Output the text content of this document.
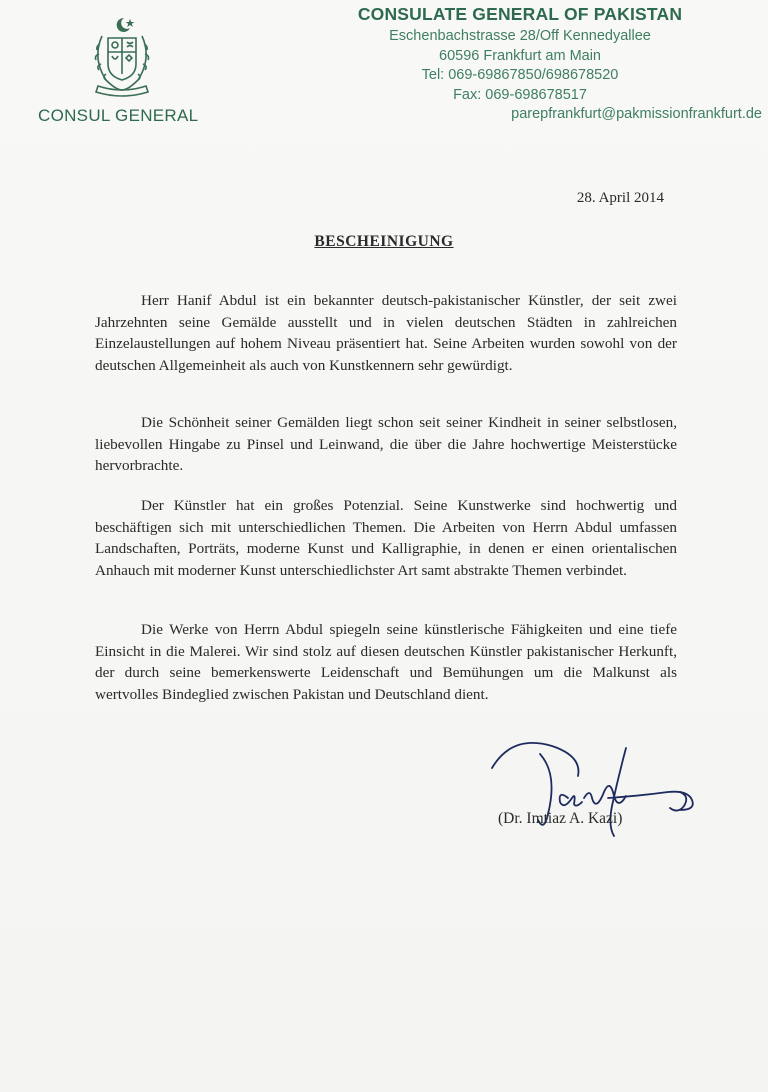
CONSUL GENERAL
CONSULATE GENERAL OF PAKISTAN
Eschenbachstrasse 28/Off Kennedyallee
60596 Frankfurt am Main
Tel: 069-69867850/698678520
Fax: 069-698678517
parepfrankfurt@pakmissionfrankfurt.de
28. April 2014
BESCHEINIGUNG

Herr Hanif Abdul ist ein bekannter deutsch-pakistanischer Künstler, der seit zwei Jahrzehnten seine Gemälde ausstellt und in vielen deutschen Städten in zahlreichen Einzelaustellungen auf hohem Niveau präsentiert hat. Seine Arbeiten wurden sowohl von der deutschen Allgemeinheit als auch von Kunstkennern sehr gewürdigt.

Die Schönheit seiner Gemälden liegt schon seit seiner Kindheit in seiner selbstlosen, liebevollen Hingabe zu Pinsel und Leinwand, die über die Jahre hochwertige Meisterstücke hervorbrachte.

Der Künstler hat ein großes Potenzial. Seine Kunstwerke sind hochwertig und beschäftigen sich mit unterschiedlichen Themen. Die Arbeiten von Herrn Abdul umfassen Landschaften, Porträts, moderne Kunst und Kalligraphie, in denen er einen orientalischen Anhauch mit moderner Kunst unterschiedlichster Art samt abstrakte Themen verbindet.

Die Werke von Herrn Abdul spiegeln seine künstlerische Fähigkeiten und eine tiefe Einsicht in die Malerei. Wir sind stolz auf diesen deutschen Künstler pakistanischer Herkunft, der durch seine bemerkenswerte Leidenschaft und Bemühungen um die Malkunst als wertvolles Bindeglied zwischen Pakistan und Deutschland dient.

(Dr. Imtiaz A. Kazi)
